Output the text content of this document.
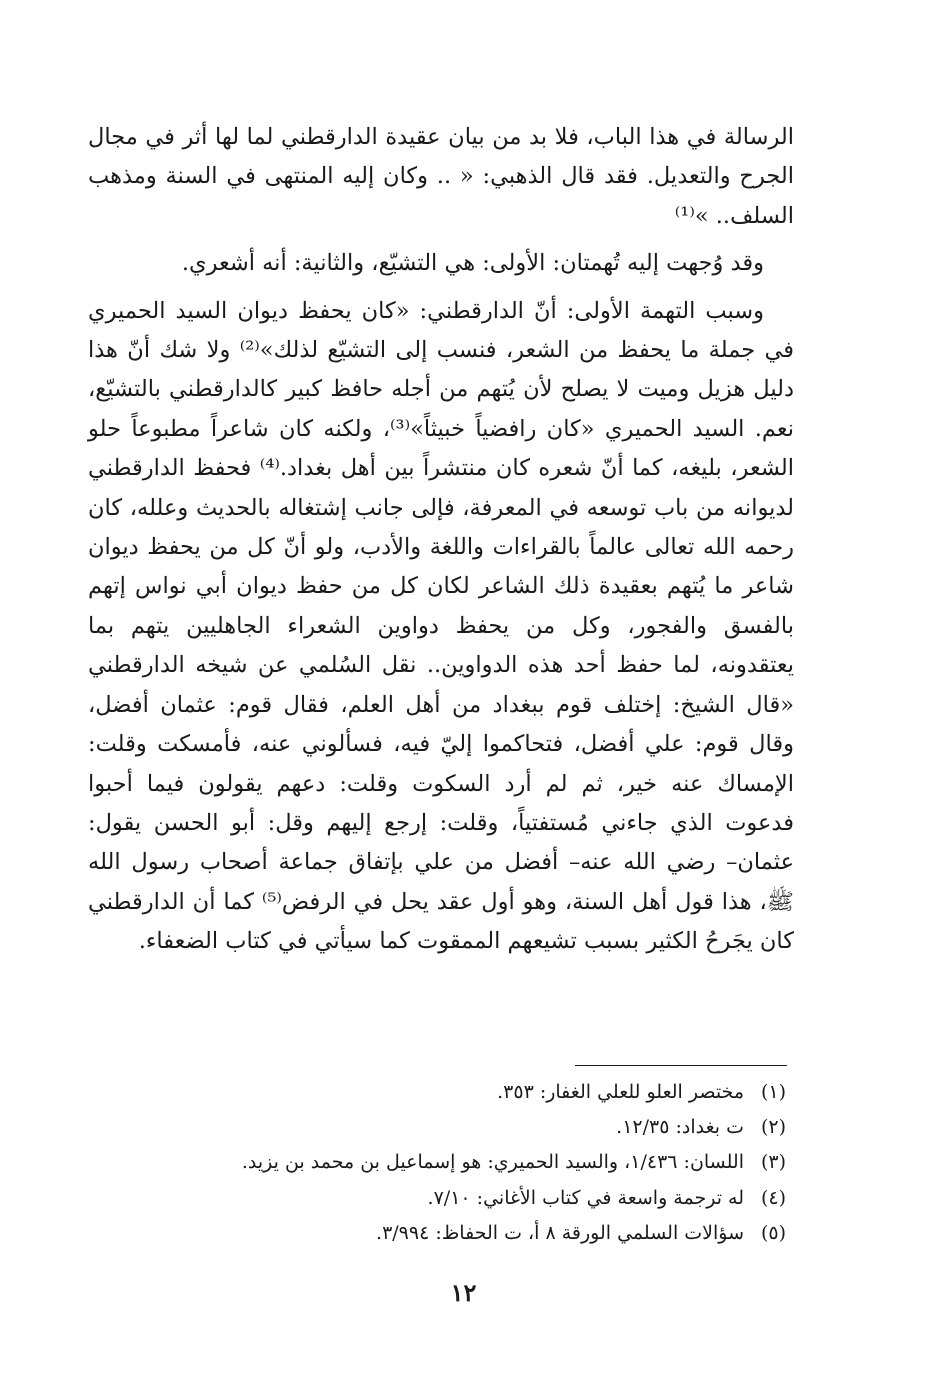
الرسالة في هذا الباب، فلا بد من بيان عقيدة الدارقطني لما لها أثر في مجال الجرح والتعديل. فقد قال الذهبي: « .. وكان إليه المنتهى في السنة ومذهب السلف.. »⁽¹⁾

وقد وُجهت إليه تُهمتان: الأولى: هي التشيّع، والثانية: أنه أشعري.

وسبب التهمة الأولى: أنّ الدارقطني: «كان يحفظ ديوان السيد الحميري في جملة ما يحفظ من الشعر، فنسب إلى التشيّع لذلك»⁽²⁾ ولا شك أنّ هذا دليل هزيل وميت لا يصلح لأن يُتهم من أجله حافظ كبير كالدارقطني بالتشيّع، نعم. السيد الحميري «كان رافضياً خبيثاً»⁽³⁾، ولكنه كان شاعراً مطبوعاً حلو الشعر، بليغه، كما أنّ شعره كان منتشراً بين أهل بغداد.⁽⁴⁾ فحفظ الدارقطني لديوانه من باب توسعه في المعرفة، فإلى جانب إشتغاله بالحديث وعلله، كان رحمه الله تعالى عالماً بالقراءات واللغة والأدب، ولو أنّ كل من يحفظ ديوان شاعر ما يُتهم بعقيدة ذلك الشاعر لكان كل من حفظ ديوان أبي نواس إتهم بالفسق والفجور، وكل من يحفظ دواوين الشعراء الجاهليين يتهم بما يعتقدونه، لما حفظ أحد هذه الدواوين.. نقل السُلمي عن شيخه الدارقطني «قال الشيخ: إختلف قوم ببغداد من أهل العلم، فقال قوم: عثمان أفضل، وقال قوم: علي أفضل، فتحاكموا إليّ فيه، فسألوني عنه، فأمسكت وقلت: الإمساك عنه خير، ثم لم أرد السكوت وقلت: دعهم يقولون فيما أحبوا فدعوت الذي جاءني مُستفتياً، وقلت: إرجع إليهم وقل: أبو الحسن يقول: عثمان– رضي الله عنه– أفضل من علي بإتفاق جماعة أصحاب رسول الله ﷺ، هذا قول أهل السنة، وهو أول عقد يحل في الرفض⁽⁵⁾ كما أن الدارقطني كان يجَرحُ الكثير بسبب تشيعهم الممقوت كما سيأتي في كتاب الضعفاء.

(١)
مختصر العلو للعلي الغفار: ٣٥٣.
(٢)
ت بغداد: ١٢/٣٥.
(٣)
اللسان: ١/٤٣٦، والسيد الحميري: هو إسماعيل بن محمد بن يزيد.
(٤)
له ترجمة واسعة في كتاب الأغاني: ٧/١٠.
(٥)
سؤالات السلمي الورقة ٨ أ، ت الحفاظ: ٣/٩٩٤.
١٢
